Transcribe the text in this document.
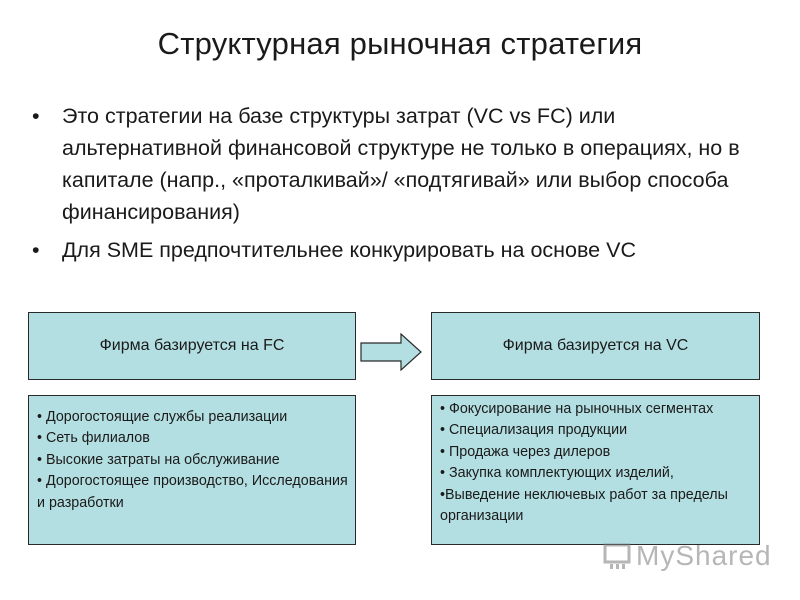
Структурная рыночная стратегия
• Это стратегии на базе структуры затрат (VC vs FC) или альтернативной финансовой структуре не только в операциях, но в капитале (напр., «проталкивай»/ «подтягивай» или выбор способа финансирования)
• Для SME предпочтительнее конкурировать на основе VC
Фирма базируется на FC	Фирма базируется на VC
• Дорогостоящие службы реализации
• Сеть филиалов
• Высокие затраты на обслуживание
• Дорогостоящее производство, Исследования и разработки
• Фокусирование на рыночных сегментах
• Специализация продукции
• Продажа через дилеров
• Закупка комплектующих изделий,
•Выведение неключевых работ за пределы организации
MyShared
